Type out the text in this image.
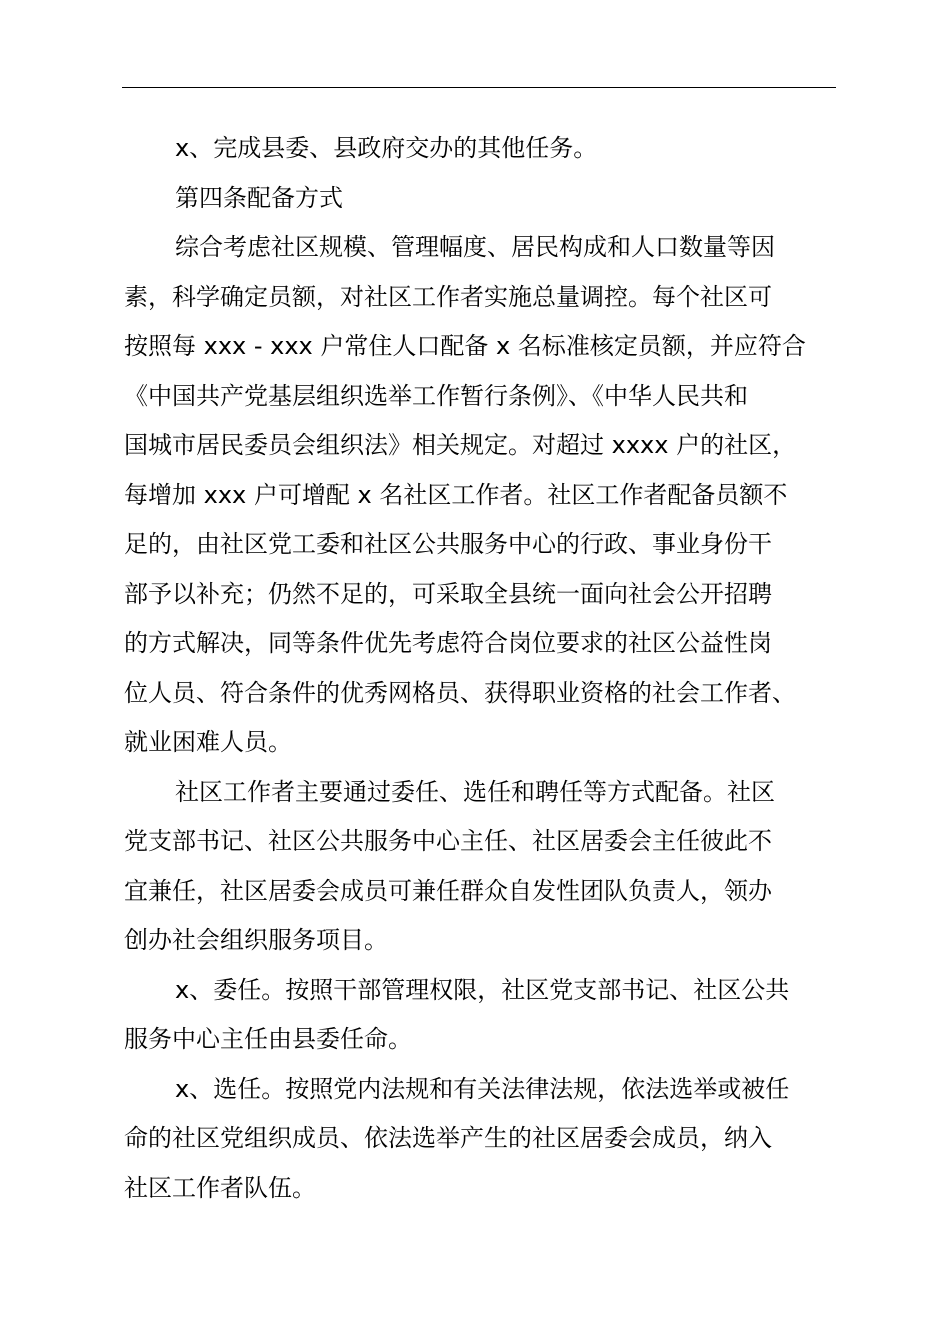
x、完成县委、县政府交办的其他任务。
第四条配备方式
综合考虑社区规模、管理幅度、居民构成和人口数量等因
素，科学确定员额，对社区工作者实施总量调控。每个社区可
按照每 xxx - xxx 户常住人口配备 x 名标准核定员额，并应符合
《中国共产党基层组织选举工作暂行条例》、《中华人民共和
国城市居民委员会组织法》相关规定。对超过 xxxx 户的社区，
每增加 xxx 户可增配 x 名社区工作者。社区工作者配备员额不
足的，由社区党工委和社区公共服务中心的行政、事业身份干
部予以补充；仍然不足的，可采取全县统一面向社会公开招聘
的方式解决，同等条件优先考虑符合岗位要求的社区公益性岗
位人员、符合条件的优秀网格员、获得职业资格的社会工作者、
就业困难人员。
社区工作者主要通过委任、选任和聘任等方式配备。社区
党支部书记、社区公共服务中心主任、社区居委会主任彼此不
宜兼任，社区居委会成员可兼任群众自发性团队负责人，领办
创办社会组织服务项目。
x、委任。按照干部管理权限，社区党支部书记、社区公共
服务中心主任由县委任命。
x、选任。按照党内法规和有关法律法规，依法选举或被任
命的社区党组织成员、依法选举产生的社区居委会成员，纳入
社区工作者队伍。
